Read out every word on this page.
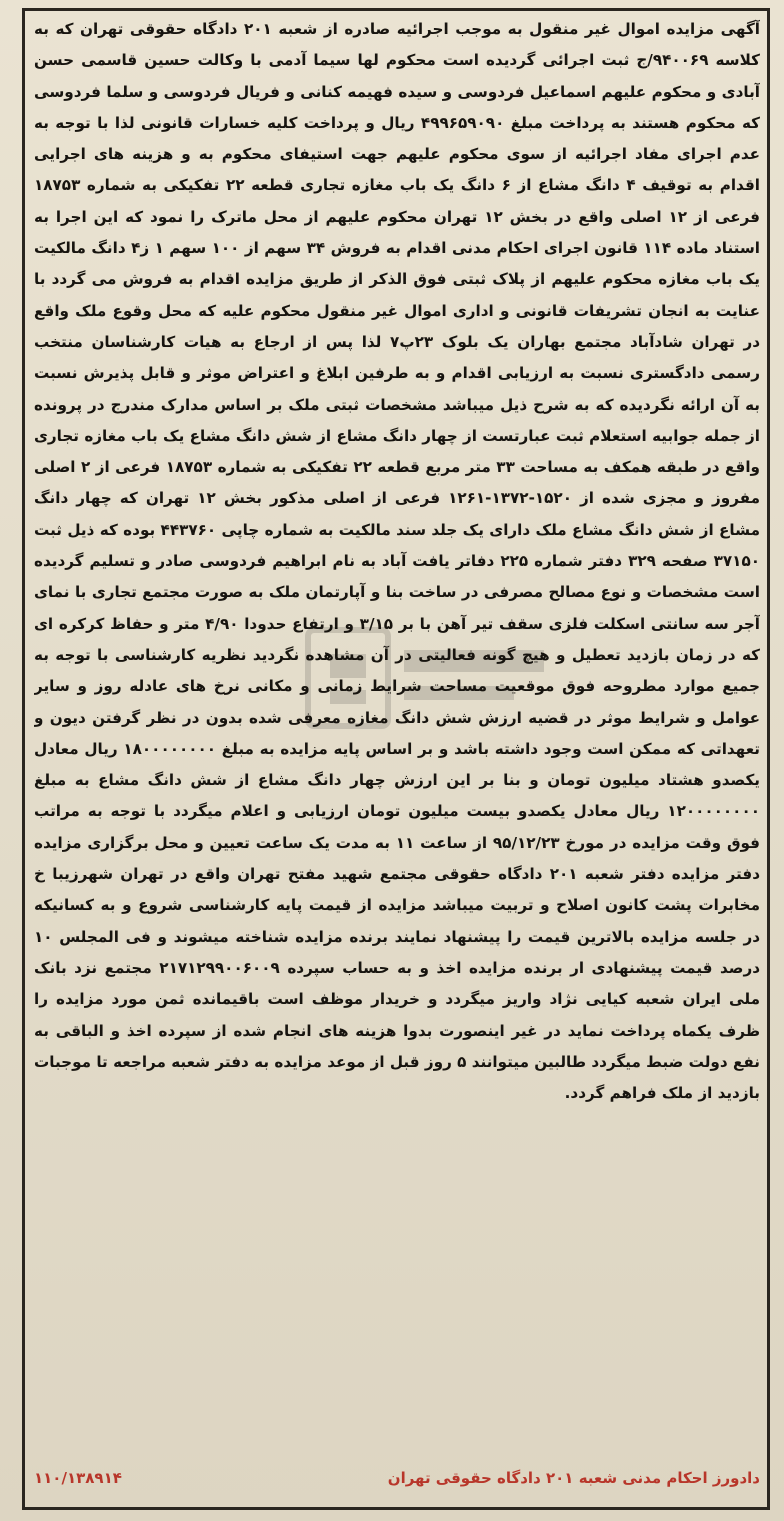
آگهی مزایده اموال غیر منقول به موجب اجرائیه صادره از شعبه ۲۰۱ دادگاه حقوقی تهران که به کلاسه ۹۴۰۰۶۹/ج ثبت اجرائی گردیده است محکوم لها سیما آدمی با وکالت حسین قاسمی حسن آبادی و محکوم علیهم اسماعیل فردوسی و سیده فهیمه کنانی و فریال فردوسی و سلما فردوسی که محکوم هستند به پرداخت مبلغ ۴۹۹۶۵۹۰۹۰ ریال و پرداخت کلیه خسارات قانونی لذا با توجه به عدم اجرای مفاد اجرائیه از سوی محکوم علیهم جهت استیفای محکوم به و هزینه های اجرایی اقدام به توقیف ۴ دانگ مشاع از ۶ دانگ یک باب مغازه تجاری قطعه ۲۲ تفکیکی به شماره ۱۸۷۵۳ فرعی از ۱۲ اصلی واقع در بخش ۱۲ تهران محکوم علیهم از محل ماترک را نمود که این اجرا به استناد ماده ۱۱۴ قانون اجرای احکام مدنی اقدام به فروش ۳۴ سهم از ۱۰۰ سهم ۱ ز۴ دانگ مالکیت یک باب مغازه محکوم علیهم از پلاک ثبتی فوق الذکر از طریق مزایده اقدام به فروش می گردد با عنایت به انجان تشریفات قانونی و اداری اموال غیر منقول محکوم علیه که محل وقوع ملک واقع در تهران شادآباد مجتمع بهاران یک بلوک ۲۳پ۷ لذا پس از ارجاع به هیات کارشناسان منتخب رسمی دادگستری نسبت به ارزیابی اقدام و به طرفین ابلاغ و اعتراض موثر و قابل پذیرش نسبت به آن ارائه نگردیده که به شرح ذیل میباشد مشخصات ثبتی ملک بر اساس مدارک مندرج در پرونده از جمله جوابیه استعلام ثبت عبارتست از چهار دانگ مشاع از شش دانگ مشاع یک باب مغازه تجاری واقع در طبقه همکف به مساحت ۳۳ متر مربع قطعه ۲۲ تفکیکی به شماره ۱۸۷۵۳ فرعی از ۲ اصلی مفروز و مجزی شده از ۱۵۲۰-۱۳۷۲-۱۲۶۱ فرعی از اصلی مذکور بخش ۱۲ تهران که چهار دانگ مشاع از شش دانگ مشاع ملک دارای یک جلد سند مالکیت به شماره چاپی ۴۴۳۷۶۰ بوده که ذیل ثبت ۳۷۱۵۰ صفحه ۳۲۹ دفتر شماره ۲۲۵ دفاتر یافت آباد به نام ابراهیم فردوسی صادر و تسلیم گردیده است مشخصات و نوع مصالح مصرفی در ساخت بنا و آپارتمان ملک به صورت مجتمع تجاری با نمای آجر سه سانتی اسکلت فلزی سقف تیر آهن با بر ۳/۱۵ و ارتفاع حدودا ۴/۹۰ متر و حفاظ کرکره ای که در زمان بازدید تعطیل و هیچ گونه فعالیتی در آن مشاهده نگردید نظریه کارشناسی با توجه به جمیع موارد مطروحه فوق موقعیت مساحت شرایط زمانی و مکانی نرخ های عادله روز و سایر عوامل و شرایط موثر در قضیه ارزش شش دانگ مغازه معرفی شده بدون در نظر گرفتن دیون و تعهداتی که ممکن است وجود داشته باشد و بر اساس پایه مزایده به مبلغ ۱۸۰۰۰۰۰۰۰۰ ریال معادل یکصدو هشتاد میلیون تومان و بنا بر این ارزش چهار دانگ مشاع از شش دانگ مشاع به مبلغ ۱۲۰۰۰۰۰۰۰۰ ریال معادل یکصدو بیست میلیون تومان ارزیابی و اعلام میگردد با توجه به مراتب فوق وقت مزایده در مورخ ۹۵/۱۲/۲۳ از ساعت ۱۱ به مدت یک ساعت تعیین و محل برگزاری مزایده دفتر مزایده دفتر شعبه ۲۰۱ دادگاه حقوقی مجتمع شهید مفتح تهران واقع در تهران شهرزیبا خ مخابرات پشت کانون اصلاح و تربیت میباشد مزایده از قیمت پایه کارشناسی شروع و به کسانیکه در جلسه مزایده بالاترین قیمت را پیشنهاد نمایند برنده مزایده شناخته میشوند و فی المجلس ۱۰ درصد قیمت پیشنهادی ار برنده مزایده اخذ و به حساب سپرده ۲۱۷۱۲۹۹۰۰۶۰۰۹ مجتمع نزد بانک ملی ایران شعبه کیایی نژاد واریز میگردد و خریدار موظف است باقیمانده ثمن مورد مزایده را ظرف یکماه پرداخت نماید در غیر اینصورت بدوا هزینه های انجام شده از سپرده اخذ و الباقی به نفع دولت ضبط میگردد طالبین میتوانند ۵ روز قبل از موعد مزایده به دفتر شعبه مراجعه تا موجبات بازدید از ملک فراهم گردد.

دادورز احکام مدنی شعبه ۲۰۱ دادگاه حقوقی تهران
۱۱۰/۱۳۸۹۱۴
